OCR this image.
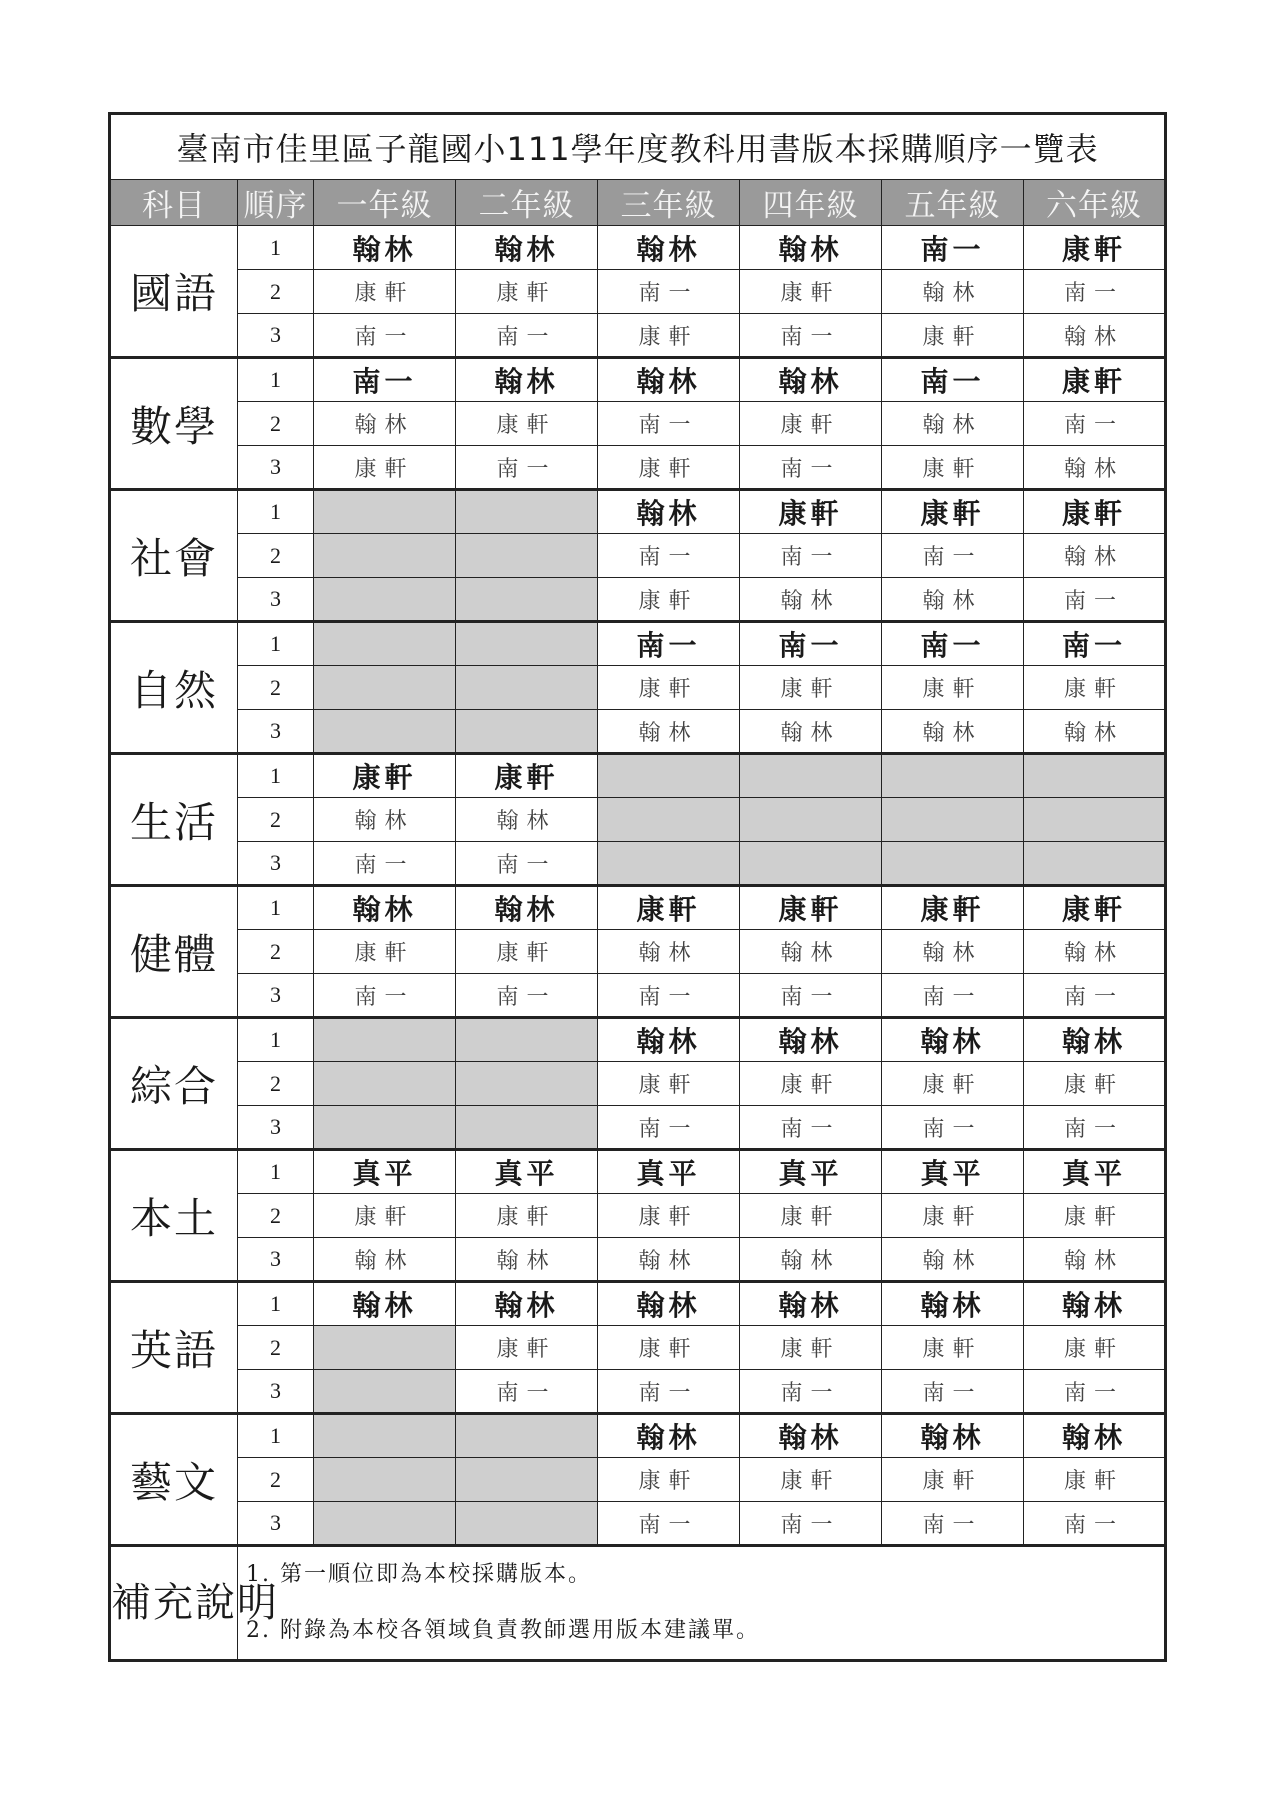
臺南市佳里區子龍國小111學年度教科用書版本採購順序一覽表							
科目	順序	一年級	二年級	三年級	四年級	五年級	六年級
國語	1	翰林	翰林	翰林	翰林	南一	康軒
	2	康軒	康軒	南一	康軒	翰林	南一
	3	南一	南一	康軒	南一	康軒	翰林
數學	1	南一	翰林	翰林	翰林	南一	康軒
	2	翰林	康軒	南一	康軒	翰林	南一
	3	康軒	南一	康軒	南一	康軒	翰林
社會	1			翰林	康軒	康軒	康軒
	2			南一	南一	南一	翰林
	3			康軒	翰林	翰林	南一
自然	1			南一	南一	南一	南一
	2			康軒	康軒	康軒	康軒
	3			翰林	翰林	翰林	翰林
生活	1	康軒	康軒				
	2	翰林	翰林				
	3	南一	南一				
健體	1	翰林	翰林	康軒	康軒	康軒	康軒
	2	康軒	康軒	翰林	翰林	翰林	翰林
	3	南一	南一	南一	南一	南一	南一
綜合	1			翰林	翰林	翰林	翰林
	2			康軒	康軒	康軒	康軒
	3			南一	南一	南一	南一
本土	1	真平	真平	真平	真平	真平	真平
	2	康軒	康軒	康軒	康軒	康軒	康軒
	3	翰林	翰林	翰林	翰林	翰林	翰林
英語	1	翰林	翰林	翰林	翰林	翰林	翰林
	2		康軒	康軒	康軒	康軒	康軒
	3		南一	南一	南一	南一	南一
藝文	1			翰林	翰林	翰林	翰林
	2			康軒	康軒	康軒	康軒
	3			南一	南一	南一	南一
補充說明	1. 第一順位即為本校採購版本。
2. 附錄為本校各領域負責教師選用版本建議單。						
